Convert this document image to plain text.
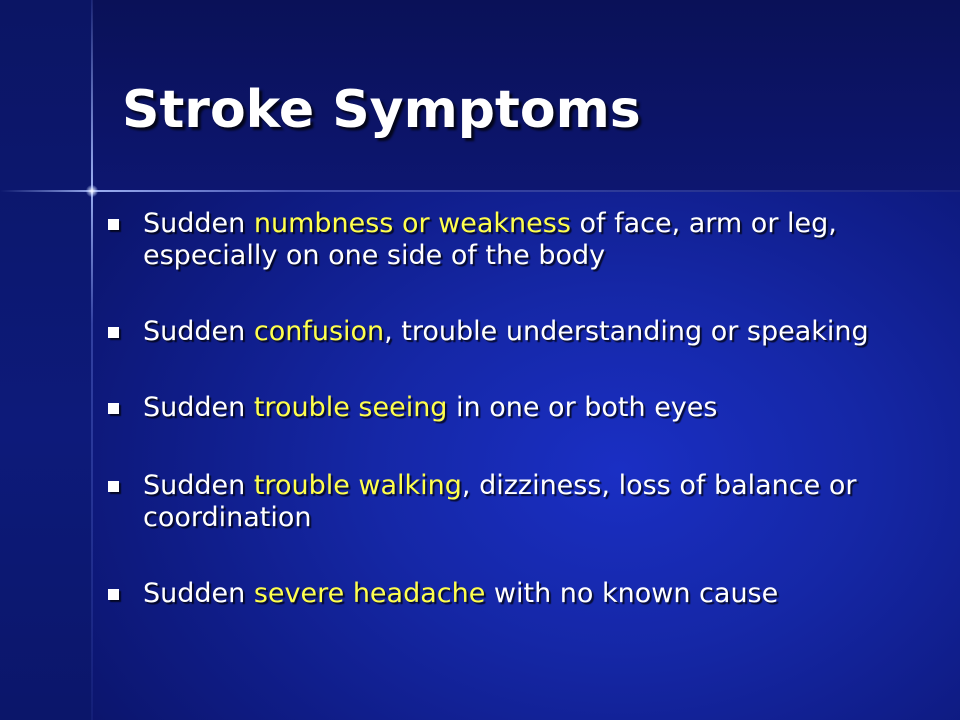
Stroke Symptoms
Sudden numbness or weakness of face, arm or leg, especially on one side of the body
Sudden confusion, trouble understanding or speaking
Sudden trouble seeing in one or both eyes
Sudden trouble walking, dizziness, loss of balance or coordination
Sudden severe headache with no known cause
